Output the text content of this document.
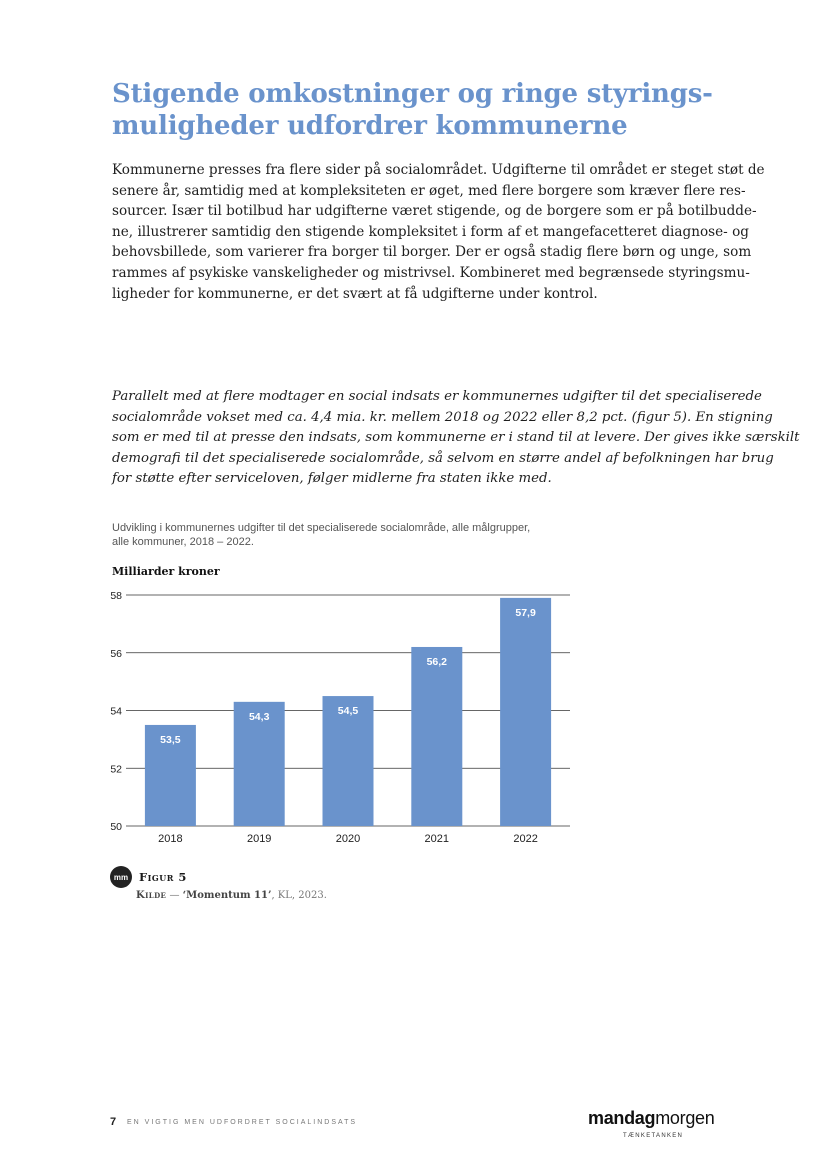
Stigende omkostninger og ringe styrings-
muligheder udfordrer kommunerne
Kommunerne presses fra flere sider på socialområdet. Udgifterne til området er steget støt de
senere år, samtidig med at kompleksiteten er øget, med flere borgere som kræver flere res-
sourcer. Især til botilbud har udgifterne været stigende, og de borgere som er på botilbudde-
ne, illustrerer samtidig den stigende kompleksitet i form af et mangefacetteret diagnose- og
behovsbillede, som varierer fra borger til borger. Der er også stadig flere børn og unge, som
rammes af psykiske vanskeligheder og mistrivsel. Kombineret med begrænsede styringsmu-
ligheder for kommunerne, er det svært at få udgifterne under kontrol.
Parallelt med at flere modtager en social indsats er kommunernes udgifter til det specialiserede
socialområde vokset med ca. 4,4 mia. kr. mellem 2018 og 2022 eller 8,2 pct. (figur 5). En stigning
som er med til at presse den indsats, som kommunerne er i stand til at levere. Der gives ikke særskilt
demografi til det specialiserede socialområde, så selvom en større andel af befolkningen har brug
for støtte efter serviceloven, følger midlerne fra staten ikke med.
Udvikling i kommunernes udgifter til det specialiserede socialområde, alle målgrupper,
alle kommuner, 2018 – 2022.
Milliarder kroner
50
52
54
56
58
53,5
54,3	54,5
56,2
57,9
2018	2019	2020	2021	2022
mm Figur 5
Kilde — ‘Momentum 11’, KL, 2023.
7 EN VIGTIG MEN UDFORDRET SOCIALINDSATS	mandagmorgen
TÆNKETANKEN
